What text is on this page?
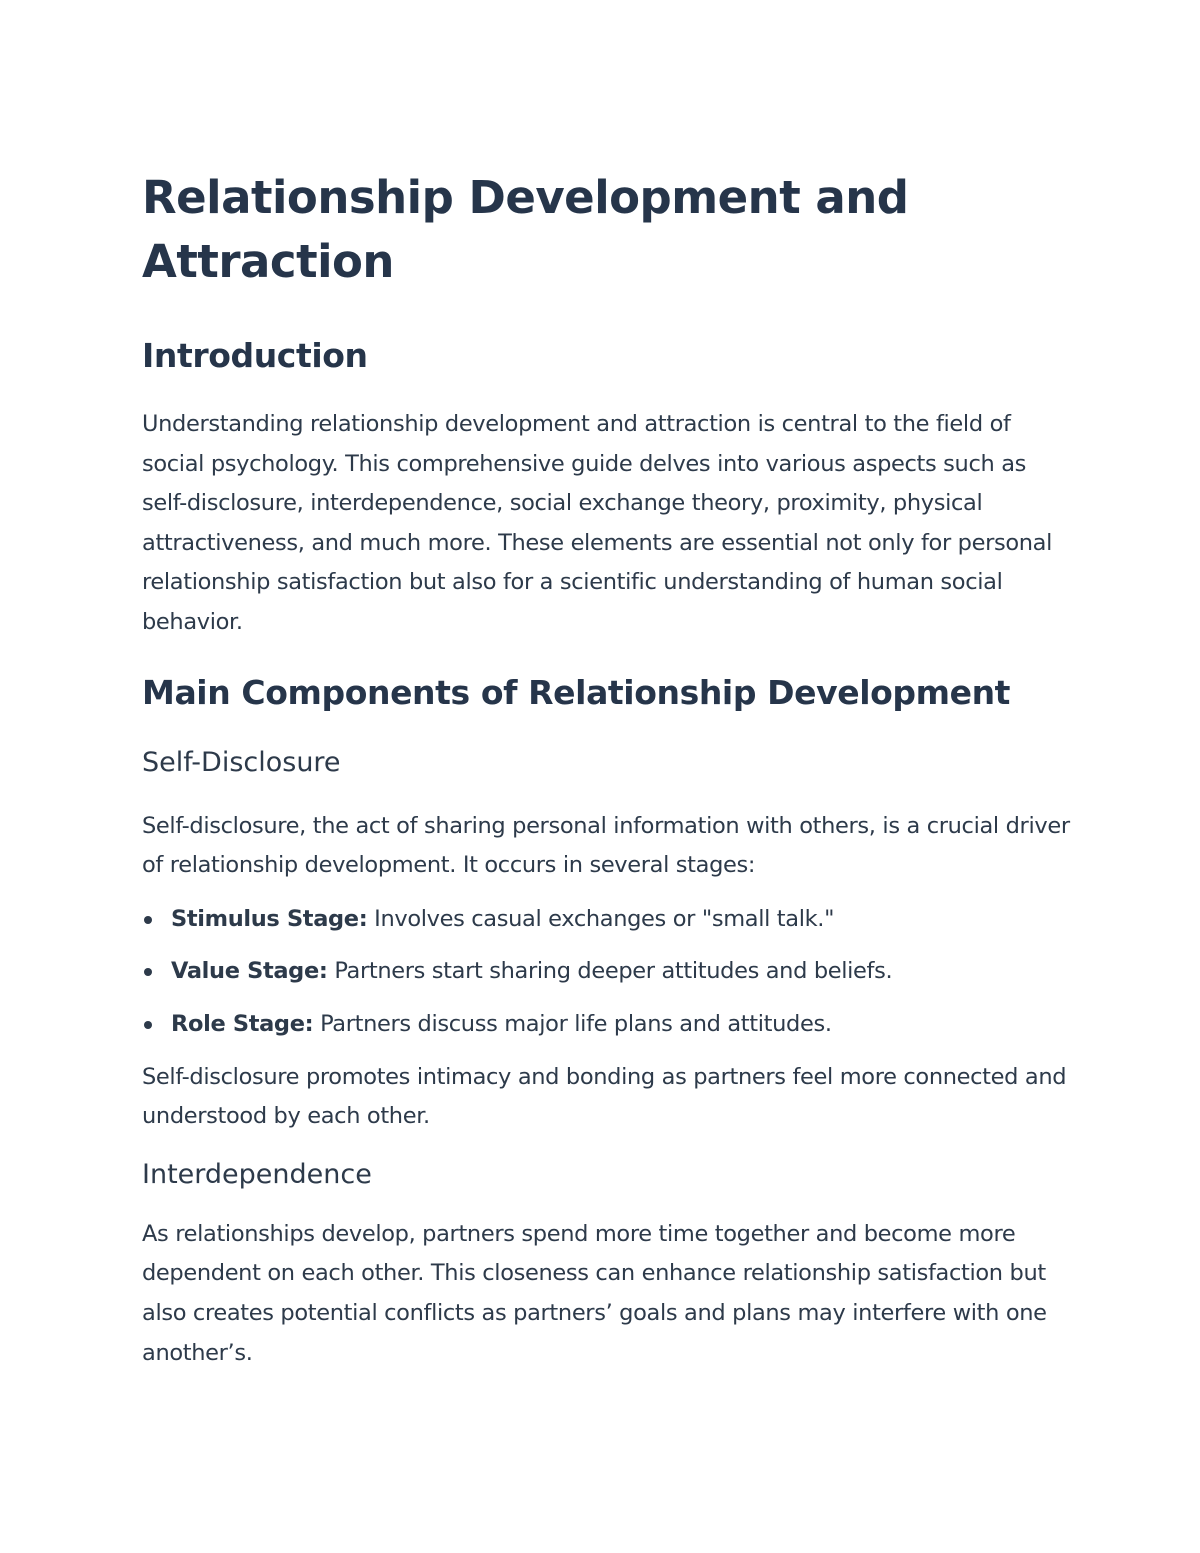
Relationship Development and Attraction
Introduction

Understanding relationship development and attraction is central to the field of social psychology. This comprehensive guide delves into various aspects such as self-disclosure, interdependence, social exchange theory, proximity, physical attractiveness, and much more. These elements are essential not only for personal relationship satisfaction but also for a scientific understanding of human social behavior.

Main Components of Relationship Development
Self-Disclosure

Self-disclosure, the act of sharing personal information with others, is a crucial driver of relationship development. It occurs in several stages:

Stimulus Stage: Involves casual exchanges or "small talk."
Value Stage: Partners start sharing deeper attitudes and beliefs.
Role Stage: Partners discuss major life plans and attitudes.

Self-disclosure promotes intimacy and bonding as partners feel more connected and understood by each other.

Interdependence

As relationships develop, partners spend more time together and become more dependent on each other. This closeness can enhance relationship satisfaction but also creates potential conflicts as partners’ goals and plans may interfere with one another’s.
